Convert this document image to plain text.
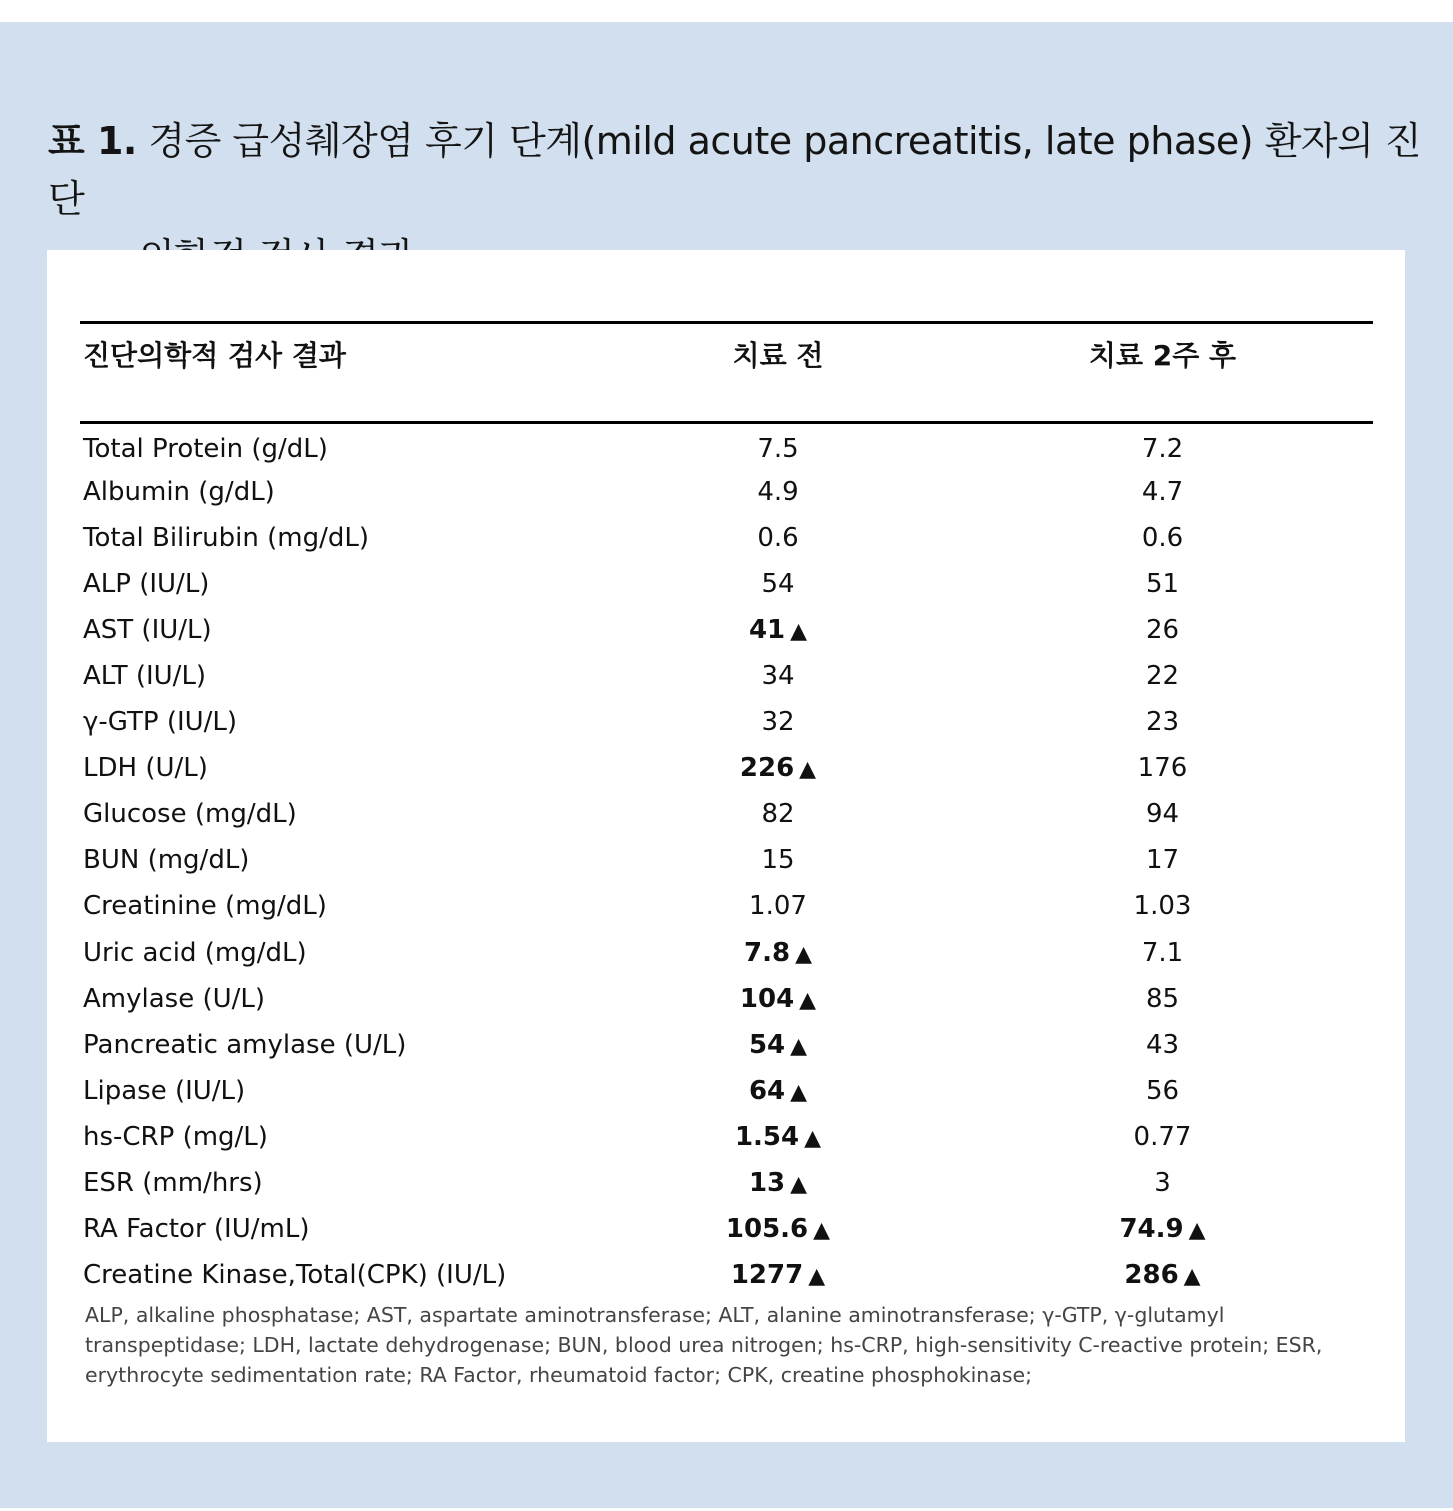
표 1. 경증 급성췌장염 후기 단계(mild acute pancreatitis, late phase) 환자의 진단
진단의학적 검사 결과	치료 전	치료 2주 후
Total Protein (g/dL)	7.5	7.2
Albumin (g/dL)	4.9	4.7
Total Bilirubin (mg/dL)	0.6	0.6
ALP (IU/L)	54	51
AST (IU/L)	41 ▲	26
ALT (IU/L)	34	22
γ-GTP (IU/L)	32	23
LDH (U/L)	226 ▲	176
Glucose (mg/dL)	82	94
BUN (mg/dL)	15	17
Creatinine (mg/dL)	1.07	1.03
Uric acid (mg/dL)	7.8 ▲	7.1
Amylase (U/L)	104 ▲	85
Pancreatic amylase (U/L)	54 ▲	43
Lipase (IU/L)	64 ▲	56
hs-CRP (mg/L)	1.54 ▲	0.77
ESR (mm/hrs)	13 ▲	3
RA Factor (IU/mL)	105.6 ▲	74.9 ▲
Creatine Kinase,Total(CPK) (IU/L)	1277 ▲	286 ▲
ALP, alkaline phosphatase; AST, aspartate aminotransferase; ALT, alanine aminotransferase; γ-GTP, γ-glutamyl transpeptidase; LDH, lactate dehydrogenase; BUN, blood urea nitrogen; hs-CRP, high-sensitivity C-reactive protein; ESR, erythrocyte sedimentation rate; RA Factor, rheumatoid factor; CPK, creatine phosphokinase;
